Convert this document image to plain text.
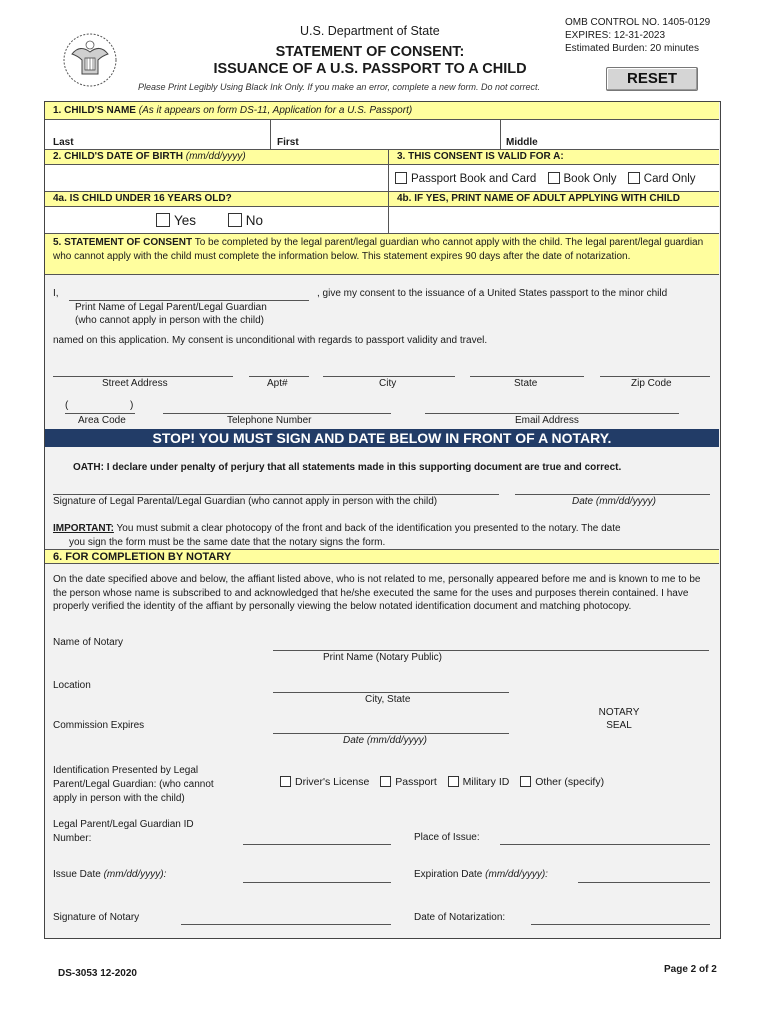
U.S. Department of State
OMB CONTROL NO. 1405-0129
EXPIRES: 12-31-2023
Estimated Burden: 20 minutes
STATEMENT OF CONSENT:
ISSUANCE OF A U.S. PASSPORT TO A CHILD
Please Print Legibly Using Black Ink Only. If you make an error, complete a new form. Do not correct.	RESET
1. CHILD'S NAME (As it appears on form DS-11, Application for a U.S. Passport)
Last	First	Middle
2. CHILD'S DATE OF BIRTH (mm/dd/yyyy)	3. THIS CONSENT IS VALID FOR A:
Passport Book and Card Book Only Card Only
4a. IS CHILD UNDER 16 YEARS OLD?	4b. IF YES, PRINT NAME OF ADULT APPLYING WITH CHILD
Yes	No
5. STATEMENT OF CONSENT To be completed by the legal parent/legal guardian who cannot apply with the child. The legal parent/legal guardian who cannot apply with the child must complete the information below. This statement expires 90 days after the date of notarization.
I,	, give my consent to the issuance of a United States passport to the minor child
Print Name of Legal Parent/Legal Guardian
(who cannot apply in person with the child)
named on this application. My consent is unconditional with regards to passport validity and travel.
Street Address	Apt#	City	State	Zip Code
(	)
Area Code	Telephone Number	Email Address
STOP! YOU MUST SIGN AND DATE BELOW IN FRONT OF A NOTARY.
OATH: I declare under penalty of perjury that all statements made in this supporting document are true and correct.
Signature of Legal Parental/Legal Guardian (who cannot apply in person with the child)	Date (mm/dd/yyyy)
IMPORTANT: You must submit a clear photocopy of the front and back of the identification you presented to the notary. The date
you sign the form must be the same date that the notary signs the form.
6. FOR COMPLETION BY NOTARY
On the date specified above and below, the affiant listed above, who is not related to me, personally appeared before me and is known to me to be the person whose name is subscribed to and acknowledged that he/she executed the same for the uses and purposes therein contained. I have properly verified the identity of the affiant by personally viewing the below notated identification document and matching photocopy.
Name of Notary
Print Name (Notary Public)
Location
City, State
NOTARY
SEAL
Commission Expires
Date (mm/dd/yyyy)
Identification Presented by Legal
Parent/Legal Guardian: (who cannot
apply in person with the child)
Driver's License Passport Military ID Other (specify)
Legal Parent/Legal Guardian ID
Number:	Place of Issue:
Issue Date (mm/dd/yyyy):	Expiration Date (mm/dd/yyyy):
Signature of Notary	Date of Notarization:
DS-3053 12-2020	Page 2 of 2
